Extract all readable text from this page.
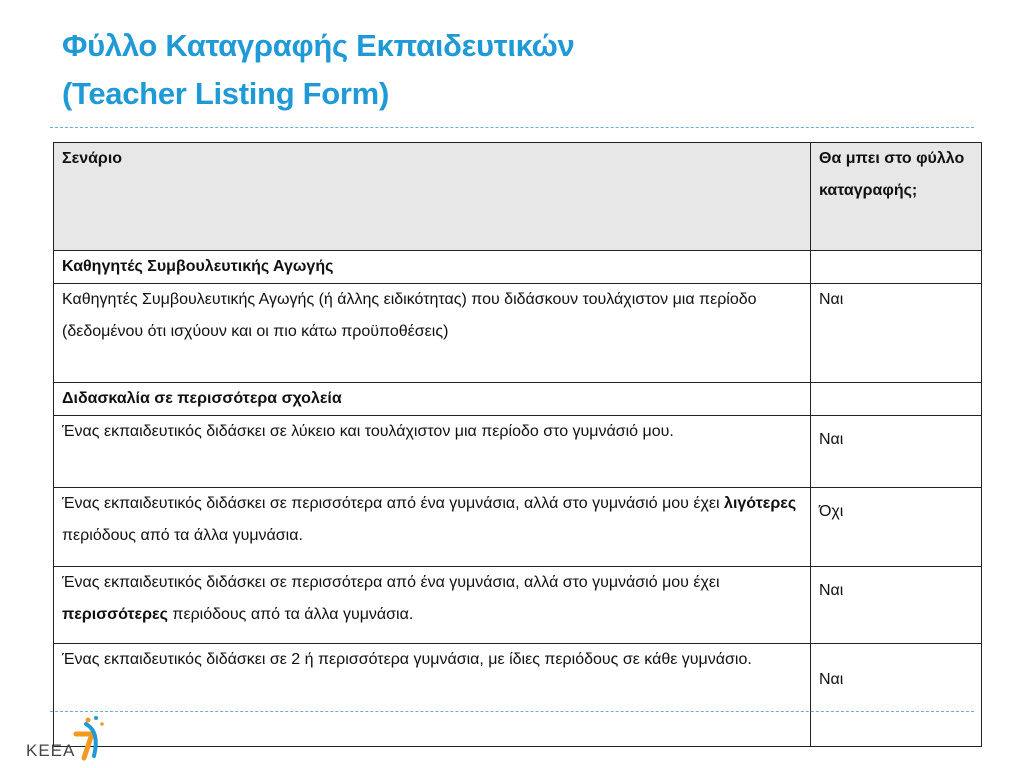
Φύλλο Καταγραφής Εκπαιδευτικών
(Teacher Listing Form)
Σενάριο	Θα μπει στο φύλλο καταγραφής;
Καθηγητές Συμβουλευτικής Αγωγής	
Καθηγητές Συμβουλευτικής Αγωγής (ή άλλης ειδικότητας) που διδάσκουν τουλάχιστον μια περίοδο (δεδομένου ότι ισχύουν και οι πιο κάτω προϋποθέσεις)	Ναι
Διδασκαλία σε περισσότερα σχολεία	
Ένας εκπαιδευτικός διδάσκει σε λύκειο και τουλάχιστον μια περίοδο στο γυμνάσιό μου.	Ναι
Ένας εκπαιδευτικός διδάσκει σε περισσότερα από ένα γυμνάσια, αλλά στο γυμνάσιό μου έχει λιγότερες περιόδους από τα άλλα γυμνάσια.	Όχι
Ένας εκπαιδευτικός διδάσκει σε περισσότερα από ένα γυμνάσια, αλλά στο γυμνάσιό μου έχει περισσότερες περιόδους από τα άλλα γυμνάσια.	Ναι
Ένας εκπαιδευτικός διδάσκει σε 2 ή περισσότερα γυμνάσια, με ίδιες περιόδους σε κάθε γυμνάσιο.	Ναι
ΚΕΕΑ
